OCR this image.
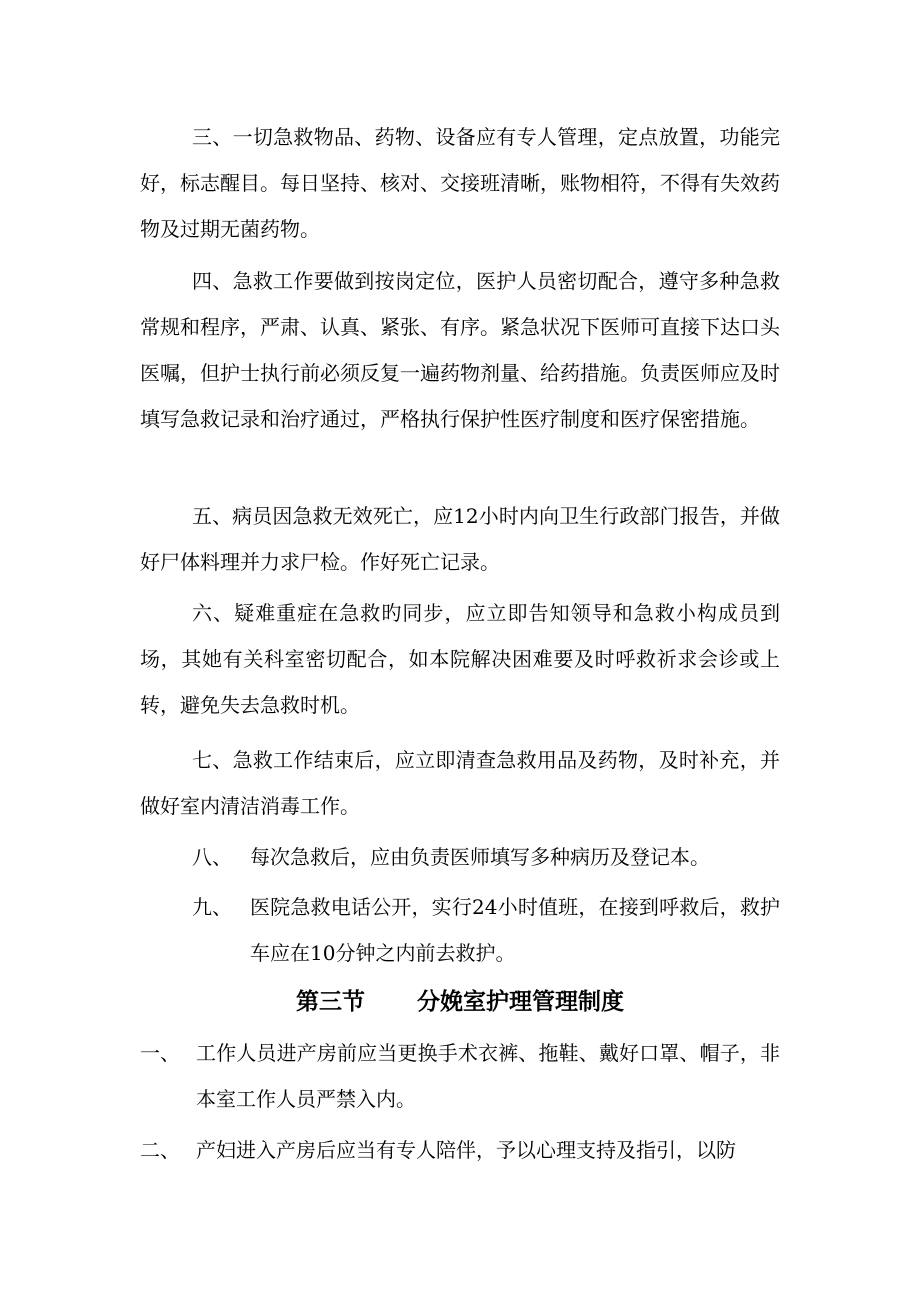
三、一切急救物品、药物、设备应有专人管理，定点放置，功能完好，标志醒目。每日坚持、核对、交接班清晰，账物相符，不得有失效药物及过期无菌药物。

四、急救工作要做到按岗定位，医护人员密切配合，遵守多种急救常规和程序，严肃、认真、紧张、有序。紧急状况下医师可直接下达口头医嘱，但护士执行前必须反复一遍药物剂量、给药措施。负责医师应及时填写急救记录和治疗通过，严格执行保护性医疗制度和医疗保密措施。

五、病员因急救无效死亡，应12小时内向卫生行政部门报告，并做好尸体料理并力求尸检。作好死亡记录。

六、疑难重症在急救旳同步，应立即告知领导和急救小构成员到场，其她有关科室密切配合，如本院解决困难要及时呼救祈求会诊或上转，避免失去急救时机。

七、急救工作结束后，应立即清查急救用品及药物，及时补充，并做好室内清洁消毒工作。

八、 每次急救后，应由负责医师填写多种病历及登记本。
九、 医院急救电话公开，实行24小时值班，在接到呼救后，救护车应在10分钟之内前去救护。
第三节 分娩室护理管理制度
一、 工作人员进产房前应当更换手术衣裤、拖鞋、戴好口罩、帽子，非本室工作人员严禁入内。
二、 产妇进入产房后应当有专人陪伴，予以心理支持及指引，以防
